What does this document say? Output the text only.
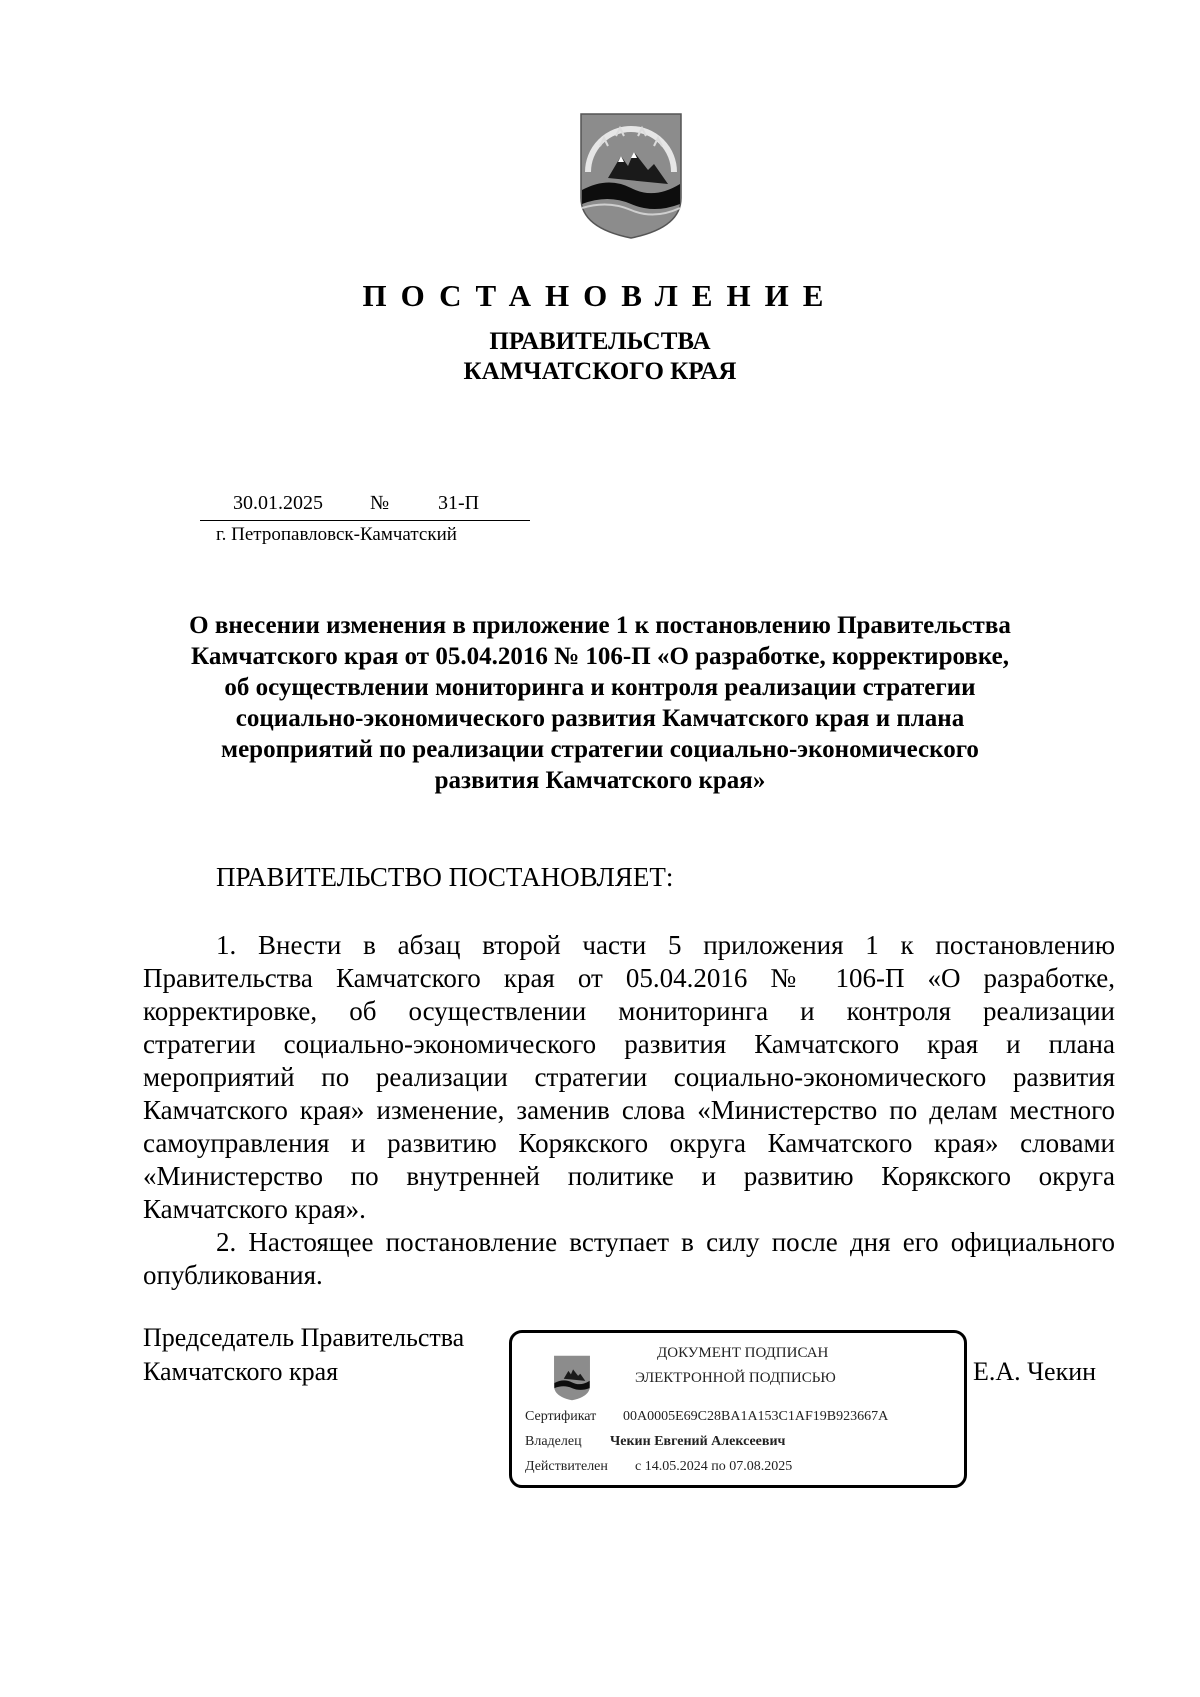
ПОСТАНОВЛЕНИЕ
ПРАВИТЕЛЬСТВА
КАМЧАТСКОГО КРАЯ
30.01.2025 № 31-П
г. Петропавловск-Камчатский
О внесении изменения в приложение 1 к постановлению Правительства
Камчатского края от 05.04.2016 № 106-П «О разработке, корректировке,
об осуществлении мониторинга и контроля реализации стратегии
социально-экономического развития Камчатского края и плана
мероприятий по реализации стратегии социально-экономического
развития Камчатского края»
ПРАВИТЕЛЬСТВО ПОСТАНОВЛЯЕТ:
1. Внести в абзац второй части 5 приложения 1 к постановлению
Правительства Камчатского края от 05.04.2016 № 106-П «О разработке,
корректировке, об осуществлении мониторинга и контроля реализации
стратегии социально-экономического развития Камчатского края и плана
мероприятий по реализации стратегии социально-экономического развития
Камчатского края» изменение, заменив слова «Министерство по делам местного
самоуправления и развитию Корякского округа Камчатского края» словами
«Министерство по внутренней политике и развитию Корякского округа
Камчатского края».
2. Настоящее постановление вступает в силу после дня его официального
опубликования.
Председатель Правительства
Камчатского края	Е.А. Чекин
ДОКУМЕНТ ПОДПИСАН
ЭЛЕКТРОННОЙ ПОДПИСЬЮ
Сертификат 00A0005E69C28BA1A153C1AF19B923667A
Владелец Чекин Евгений Алексеевич
Действителен с 14.05.2024 по 07.08.2025
